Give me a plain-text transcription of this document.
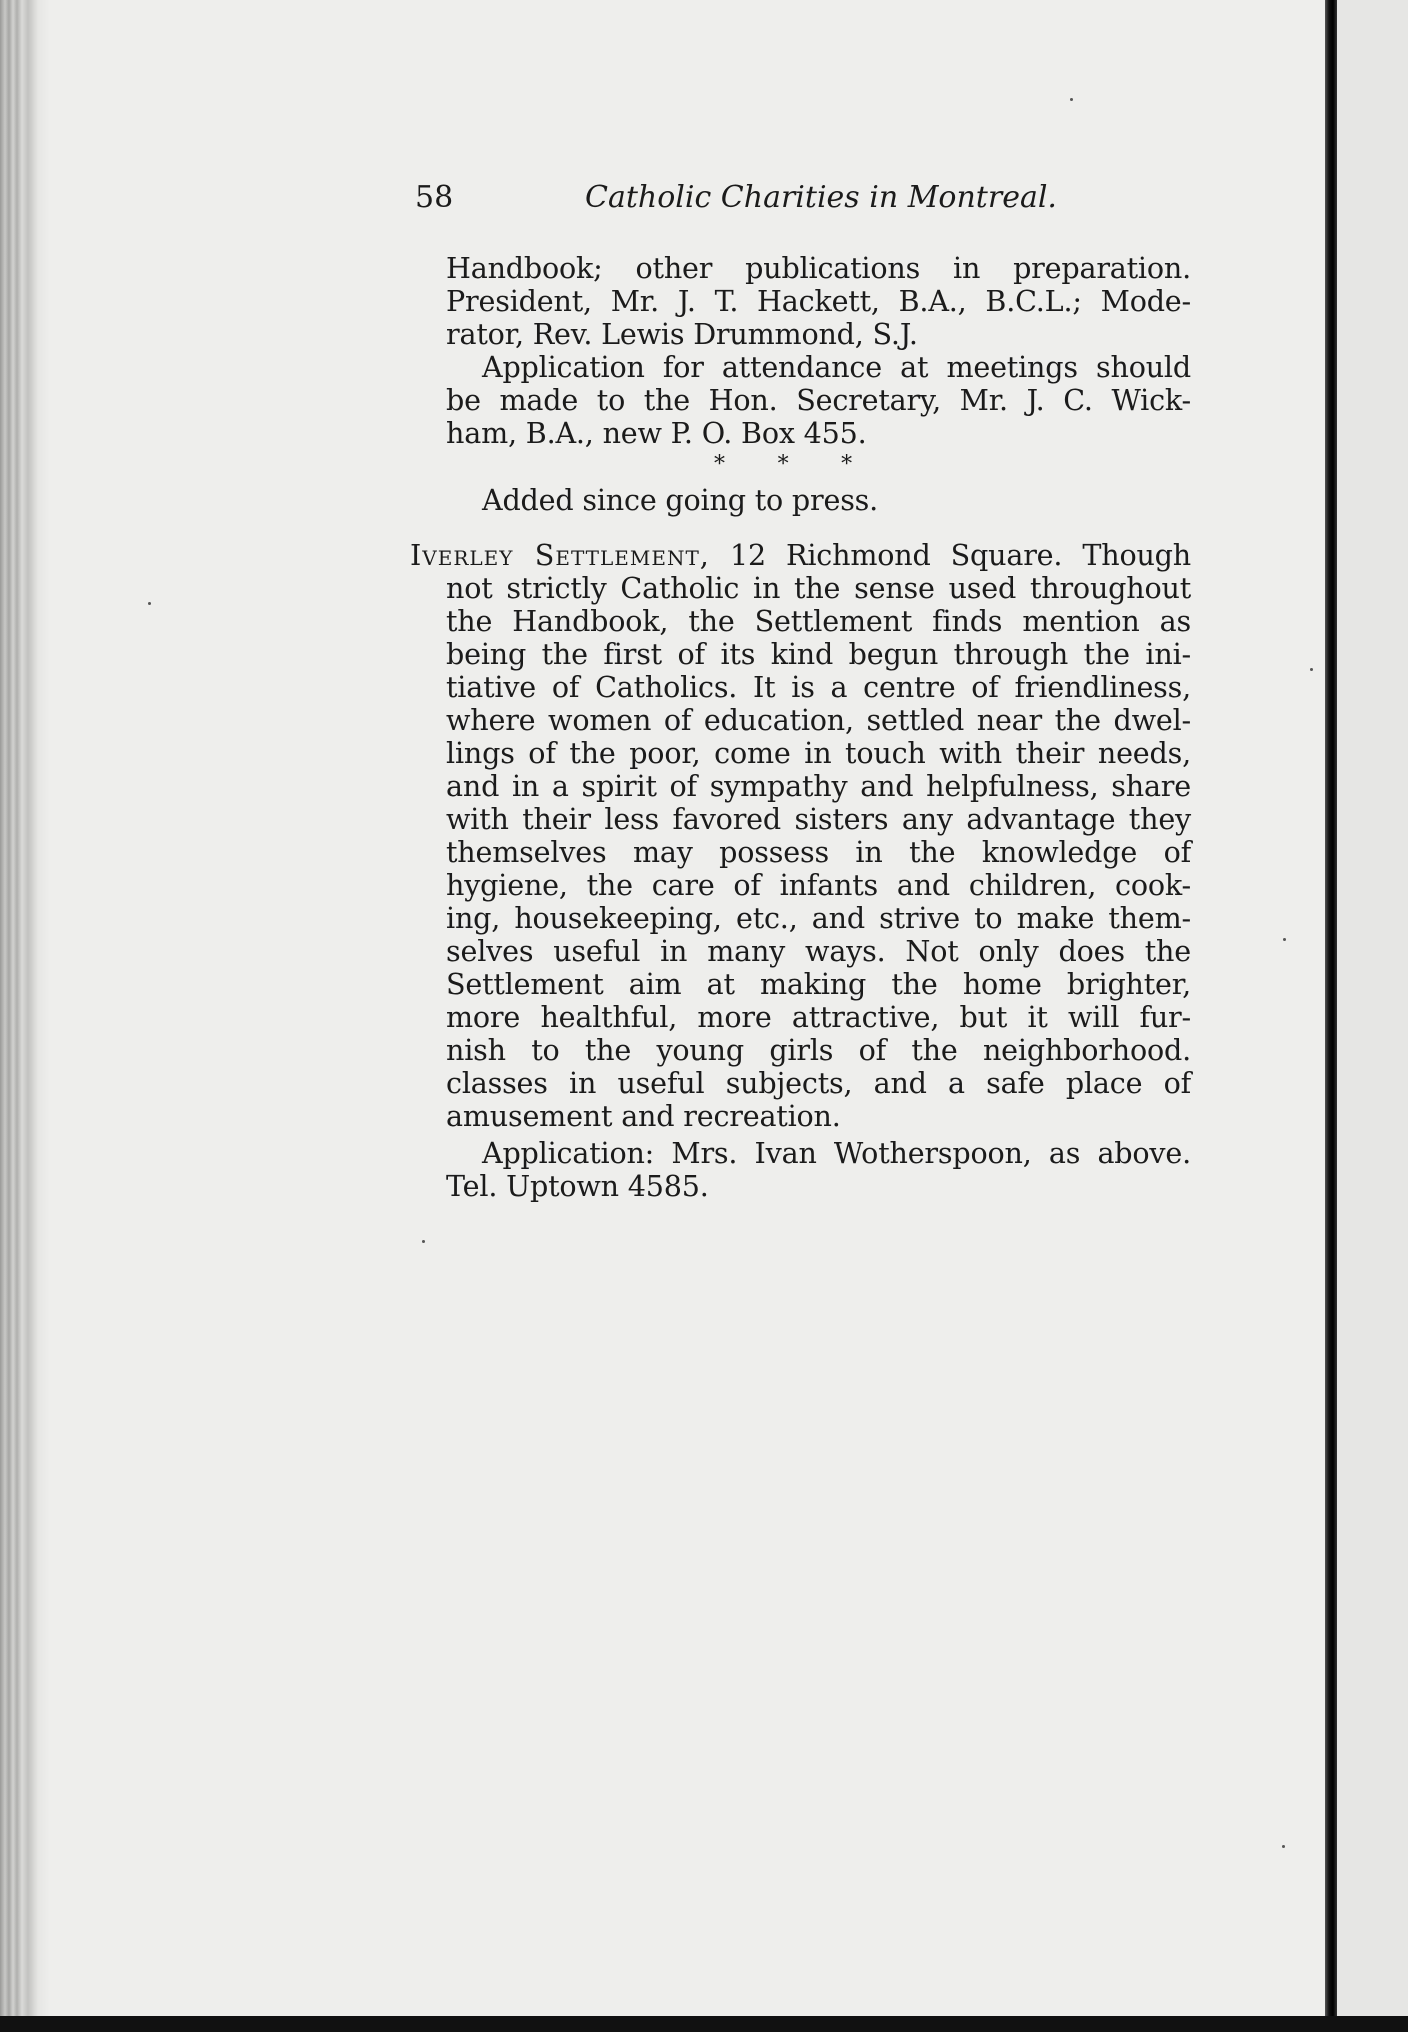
58	Catholic Charities in Montreal.
Handbook; other publications in preparation.
President, Mr. J. T. Hackett, B.A., B.C.L.; Mode-
rator, Rev. Lewis Drummond, S.J.
Application for attendance at meetings should
be made to the Hon. Secretary, Mr. J. C. Wick-
ham, B.A., new P. O. Box 455.
* * *
Added since going to press.
Iverley Settlement, 12 Richmond Square. Though
not strictly Catholic in the sense used throughout
the Handbook, the Settlement finds mention as
being the first of its kind begun through the ini-
tiative of Catholics. It is a centre of friendliness,
where women of education, settled near the dwel-
lings of the poor, come in touch with their needs,
and in a spirit of sympathy and helpfulness, share
with their less favored sisters any advantage they
themselves may possess in the knowledge of
hygiene, the care of infants and children, cook-
ing, housekeeping, etc., and strive to make them-
selves useful in many ways. Not only does the
Settlement aim at making the home brighter,
more healthful, more attractive, but it will fur-
nish to the young girls of the neighborhood.
classes in useful subjects, and a safe place of
amusement and recreation.
Application: Mrs. Ivan Wotherspoon, as above.
Tel. Uptown 4585.
